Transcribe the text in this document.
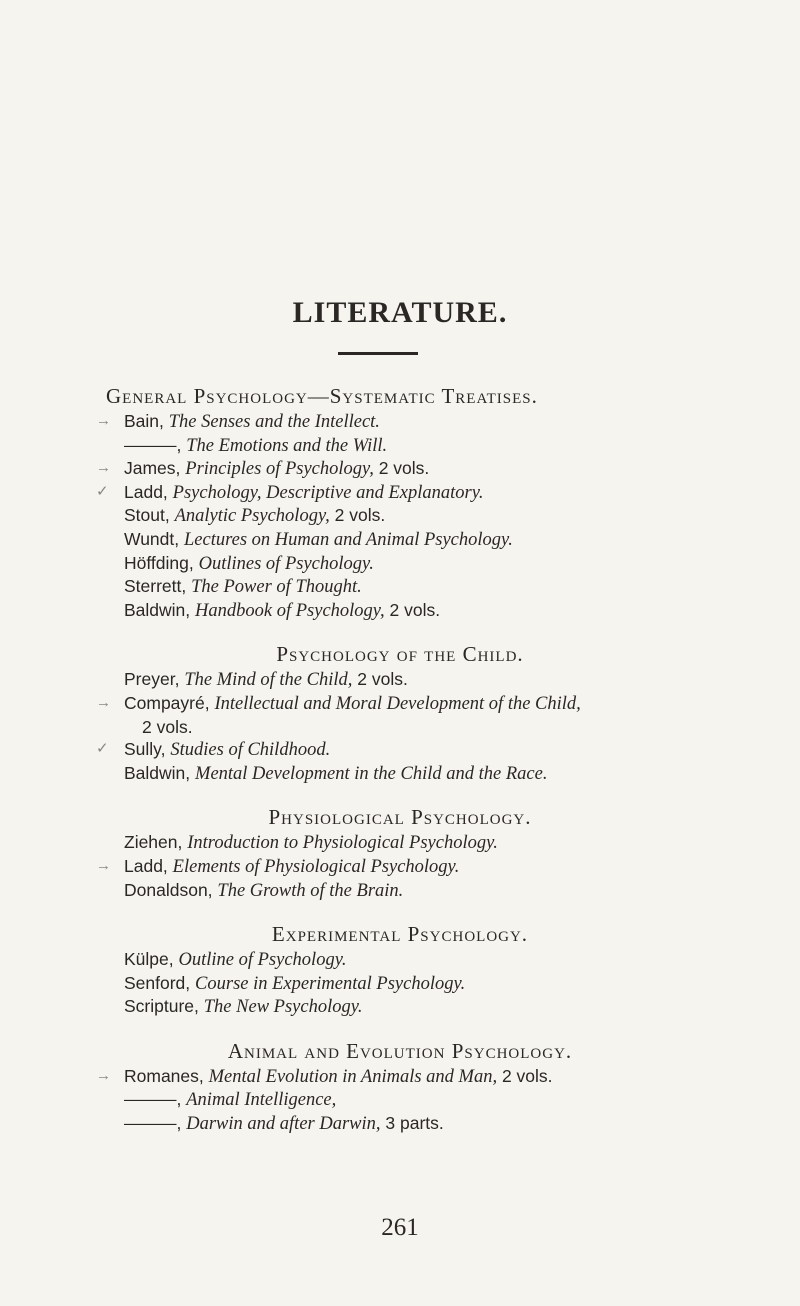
LITERATURE.
General Psychology—Systematic Treatises.
→ Bain, The Senses and the Intellect.
———, The Emotions and the Will.
→ James, Principles of Psychology, 2 vols.
✓ Ladd, Psychology, Descriptive and Explanatory.
Stout, Analytic Psychology, 2 vols.
Wundt, Lectures on Human and Animal Psychology.
Höffding, Outlines of Psychology.
Sterrett, The Power of Thought.
Baldwin, Handbook of Psychology, 2 vols.
Psychology of the Child.
Preyer, The Mind of the Child, 2 vols.
→ Compayré, Intellectual and Moral Development of the Child,
2 vols.
✓ Sully, Studies of Childhood.
Baldwin, Mental Development in the Child and the Race.
Physiological Psychology.
Ziehen, Introduction to Physiological Psychology.
→ Ladd, Elements of Physiological Psychology.
Donaldson, The Growth of the Brain.
Experimental Psychology.
Külpe, Outline of Psychology.
Senford, Course in Experimental Psychology.
Scripture, The New Psychology.
Animal and Evolution Psychology.
→ Romanes, Mental Evolution in Animals and Man, 2 vols.
———, Animal Intelligence,
———, Darwin and after Darwin, 3 parts.
261
